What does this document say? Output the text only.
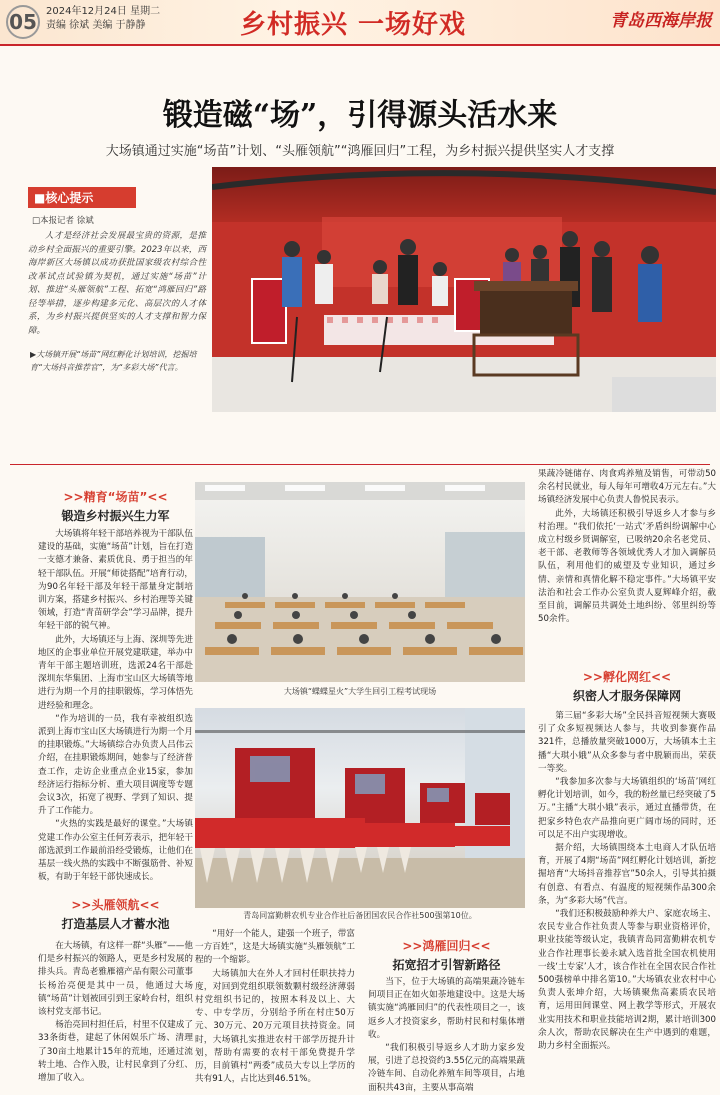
05 2024年12月24日 星期二
责编 徐斌 美编 于静静	乡村振兴 一场好戏	青岛西海岸报
锻造磁“场”，引得源头活水来
大场镇通过实施“场苗”计划、“头雁领航”“鸿雁回归”工程，为乡村振兴提供坚实人才支撑
■核心提示
□本报记者 徐斌
人才是经济社会发展最宝贵的资源，是推动乡村全面振兴的重要引擎。2023年以来，西海岸新区大场镇以成功获批国家级农村综合性改革试点试验镇为契机，通过实施“场苗”计划、推进“头雁领航”工程、拓宽“鸿雁回归”路径等举措，逐步构建多元化、高层次的人才体系，为乡村振兴提供坚实的人才支撑和智力保障。
▶大场镇开展“场苗”网红孵化计划培训，挖掘培育“大场抖音推荐官”，为“多彩大场”代言。
>>精育“场苗”<<
锻造乡村振兴生力军

大场镇将年轻干部培养视为干部队伍建设的基础，实施“场苗”计划，旨在打造一支德才兼备、素质优良、勇于担当的年轻干部队伍。开展“师徒搭配”培育行动，为90名年轻干部及年轻干部量身定制培训方案，搭建乡村振兴、乡村治理等关键领域，打造“青苗研学会”学习品牌，提升年轻干部的锐气神。

此外，大场镇还与上海、深圳等先进地区的企事业单位开展党建联建，举办中青年干部主题培训班，选派24名干部赴深圳东华集团、上海市宝山区大场镇等地进行为期一个月的挂职锻炼，学习体悟先进经验和理念。

“作为培训的一员，我有幸被组织选派到上海市宝山区大场镇进行为期一个月的挂职锻炼。”大场镇综合办负责人吕伟云介绍，在挂职锻炼期间，她参与了经济普查工作，走访企业重点企业15家，参加经济运行指标分析、重大项目调度等专题会议3次，拓宽了视野、学到了知识、提升了工作能力。

“火热的实践是最好的课堂。”大场镇党建工作办公室主任何芳表示，把年轻干部选派到工作最前沿经受锻炼，让他们在基层一线火热的实践中不断强筋骨、补短板，有助于年轻干部快速成长。

>>头雁领航<<
打造基层人才蓄水池

在大场镇，有这样一群“头雁”——他们是乡村振兴的领路人，更是乡村发展的排头兵。青岛老雅雁禧产品有限公司董事长杨治亮便是其中一员，他通过大场镇“场苗”计划被回引到王家岭台村，组织该村党支部书记。

杨治亮回村担任后，村里不仅建成了33条街巷，建起了休闲娱乐广场、清理了30亩土地累计15年的荒地，还通过流转土地、合作入股，让村民拿到了分红、增加了收入。

大场镇“蝶蝶星火”大学生回引工程考试现场
青岛同富勤耕农机专业合作社后备团国农民合作社500强第10位。

“用好一个能人，建强一个班子，带富一方百姓”，这是大场镇实施“头雁领航”工程的一个缩影。

大场镇加大在外人才回村任职扶持力度，对回到党组织联领数颗村级经济薄弱村党组织书记的，按照本科及以上、大专、中专学历，分别给予所在村庄50万元、30万元、20万元项目扶持资金。同时，大场镇扎实推进农村干部学历提升计划，帮助有需要的农村干部免费提升学历，目前镇村“两委”成员大专以上学历的共有91人，占比达到46.51%。

>>鸿雁回归<<
拓宽招才引智新路径

当下，位于大场镇的高端果蔬冷链车间项目正在如火如荼地建设中。这是大场镇实施“鸿雁回归”的代表性项目之一，该返乡人才投资家乡，帮助村民和村集体增收。

“我们积极引导返乡人才助力家乡发展，引进了总投资约3.55亿元的高端果蔬冷链车间、自动化养殖车间等项目，占地面积共43亩，主要从事高端

果蔬冷链储存、肉食鸡养殖及销售，可带动50余名村民就业，每人每年可增收4万元左右。”大场镇经济发展中心负责人鲁悦民表示。

此外，大场镇还积极引导返乡人才参与乡村治理。“我们依托‘一站式’矛盾纠纷调解中心成立村级乡贤调解室，已吸纳20余名老党员、老干部、老教师等各领域优秀人才加入调解员队伍，利用他们的威望及专业知识，通过乡情、亲情和真情化解不稳定事件。”大场镇平安法治和社会工作办公室负责人夏辉峰介绍，截至目前，调解员共调处土地纠纷、邻里纠纷等50余件。

>>孵化网红<<
织密人才服务保障网

第三届“多彩大场”全民抖音短视频大赛吸引了众多短视频达人参与，共收到参赛作品321件，总播放量突破1000万，大场镇本土主播“大琪小娥”从众多参与者中脱颖而出，荣获一等奖。

“我参加多次参与大场镇组织的‘场苗’网红孵化计划培训，如今，我的粉丝量已经突破了5万。”主播“大琪小娥”表示，通过直播带货，在把家乡特色农产品推向更广阔市场的同时，还可以足不出户实现增收。

据介绍，大场镇围绕本土电商人才队伍培育，开展了4期“场苗”网红孵化计划培训，新挖掘培育“大场抖音推荐官”50余人，引导其拍摄有创意、有看点、有温度的短视频作品300余条，为“多彩大场”代言。

“我们还积极鼓励种养大户、家庭农场主、农民专业合作社负责人等参与职业资格评价，职业技能等级认定，我镇青岛同富勤耕农机专业合作社理事长姜永斌入选首批全国农机使用一线‘土专家’人才，该合作社在全国农民合作社500强榜单中排名第10。”大场镇农业农村中心负责人张坤介绍，大场镇聚焦高素质农民培育，运用田间课堂、网上教学等形式，开展农业实用技术和职业技能培训2期，累计培训300余人次，帮助农民解决在生产中遇到的难题，助力乡村全面振兴。
